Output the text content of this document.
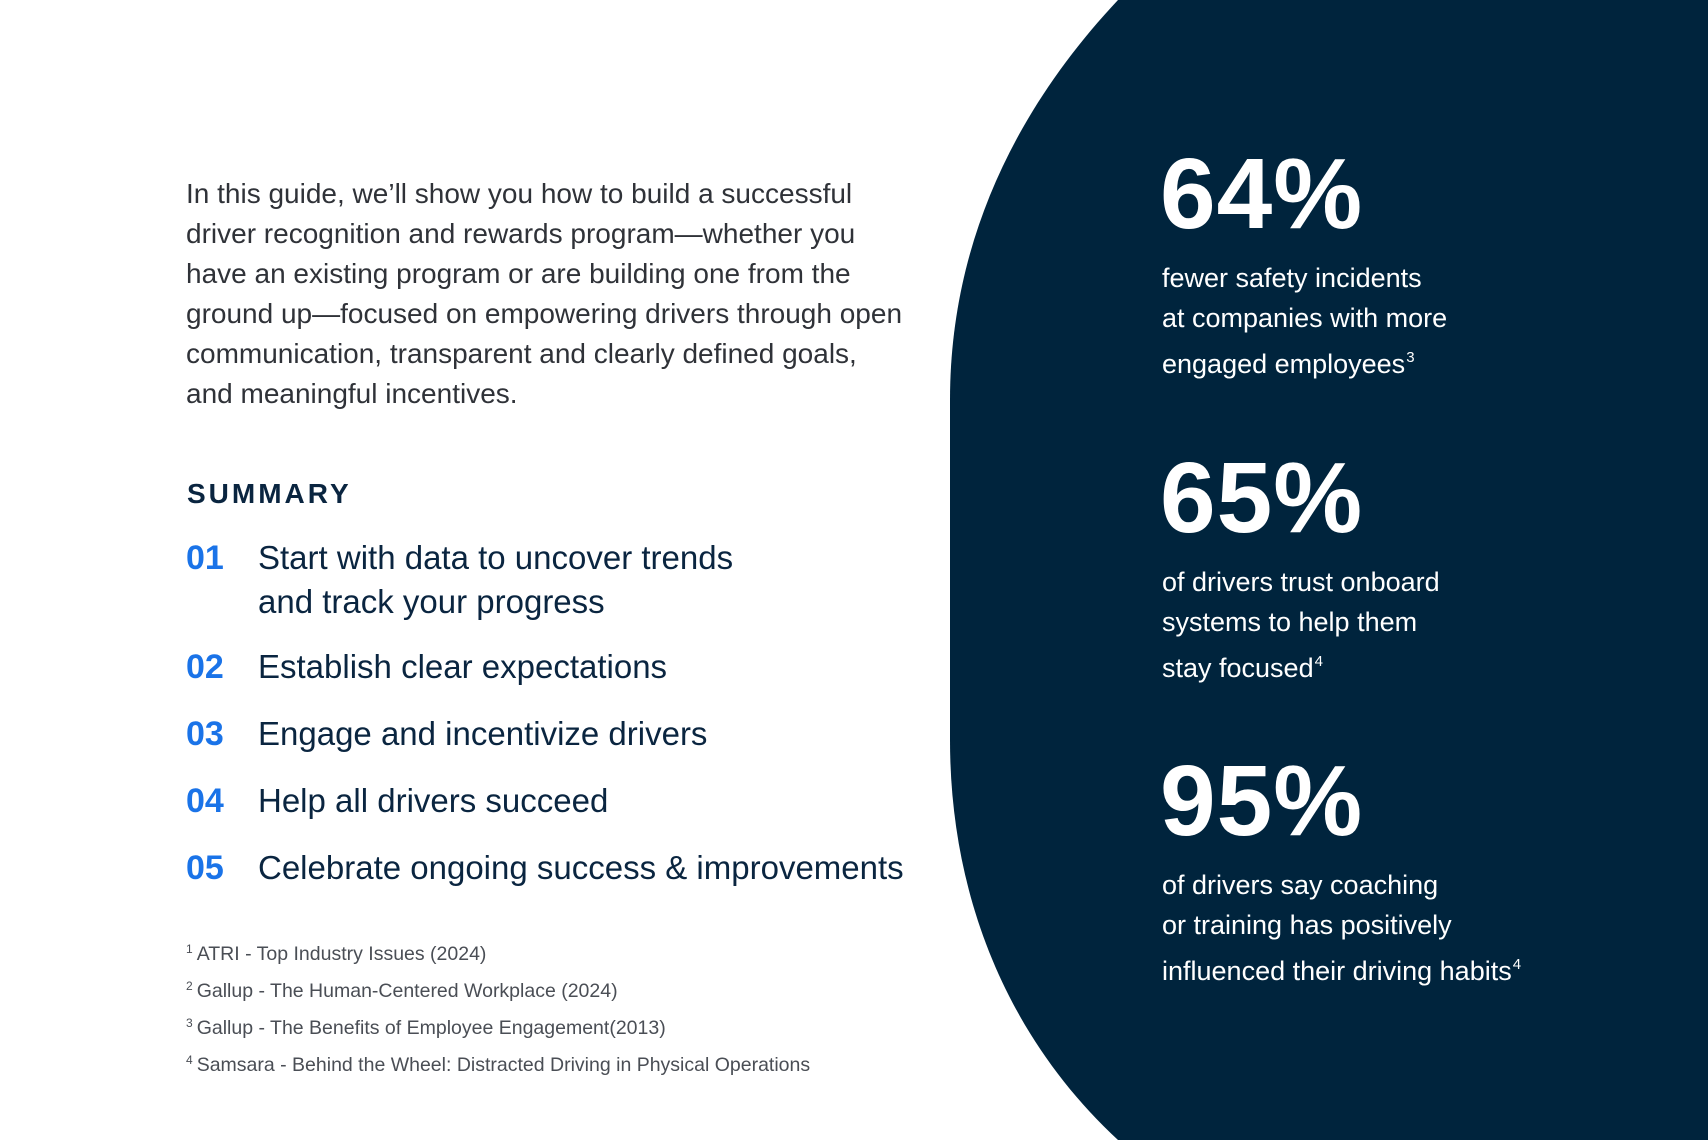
In this guide, we’ll show you how to build a successful driver recognition and rewards program—whether you have an existing program or are building one from the ground up—focused on empowering drivers through open communication, transparent and clearly defined goals, and meaningful incentives.

SUMMARY
01	Start with data to uncover trends
and track your progress
02	Establish clear expectations
03	Engage and incentivize drivers
04	Help all drivers succeed
05	Celebrate ongoing success & improvements
$^1$ ATRI - Top Industry Issues (2024)
$^2$ Gallup - The Human-Centered Workplace (2024)
$^3$ Gallup - The Benefits of Employee Engagement(2013)
$^4$ Samsara - Behind the Wheel: Distracted Driving in Physical Operations

64%

fewer safety incidents
at companies with more
engaged employees$^3$

65%

of drivers trust onboard
systems to help them
stay focused$^4$

95%

of drivers say coaching
or training has positively
influenced their driving habits$^4$
